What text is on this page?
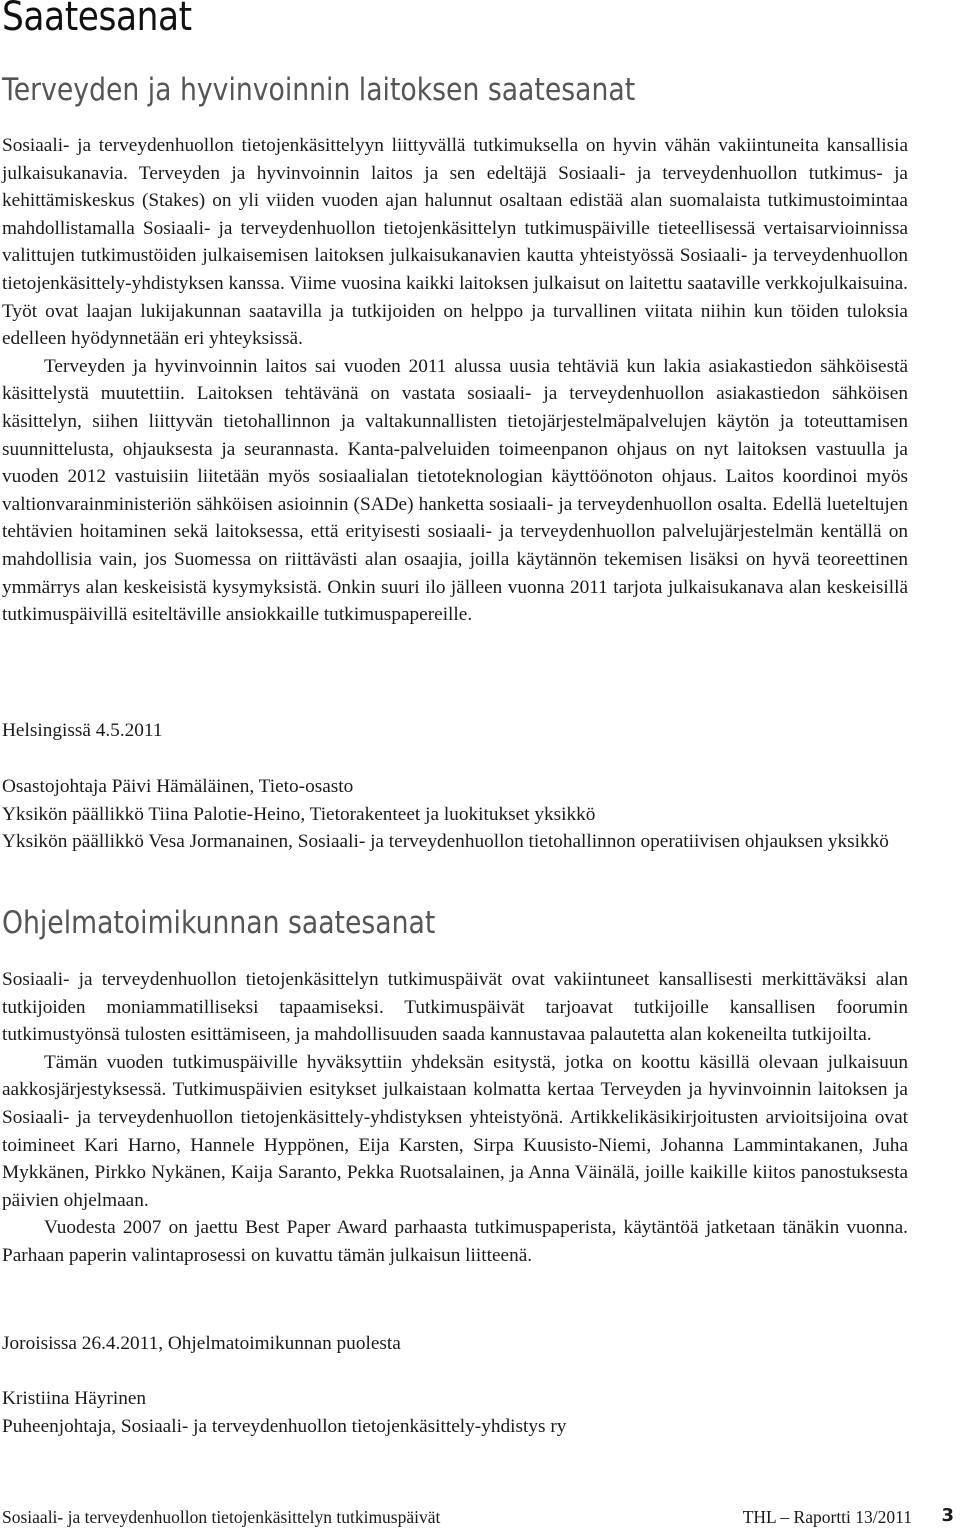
Saatesanat
Terveyden ja hyvinvoinnin laitoksen saatesanat

Sosiaali- ja terveydenhuollon tietojenkäsittelyyn liittyvällä tutkimuksella on hyvin vähän vakiintuneita kansallisia julkaisukanavia. Terveyden ja hyvinvoinnin laitos ja sen edeltäjä Sosiaali- ja terveydenhuollon tutkimus- ja kehittämiskeskus (Stakes) on yli viiden vuoden ajan halunnut osaltaan edistää alan suomalaista tutkimustoimintaa mahdollistamalla Sosiaali- ja terveydenhuollon tietojenkäsittelyn tutkimuspäiville tieteellisessä vertaisarvioinnissa valittujen tutkimustöiden julkaisemisen laitoksen julkaisukanavien kautta yhteistyössä Sosiaali- ja terveydenhuollon tietojenkäsittely-yhdistyksen kanssa. Viime vuosina kaikki laitoksen julkaisut on laitettu saataville verkkojulkaisuina. Työt ovat laajan lukijakunnan saatavilla ja tutkijoiden on helppo ja turvallinen viitata niihin kun töiden tuloksia edelleen hyödynnetään eri yhteyksissä.

Terveyden ja hyvinvoinnin laitos sai vuoden 2011 alussa uusia tehtäviä kun lakia asiakastiedon sähköisestä käsittelystä muutettiin. Laitoksen tehtävänä on vastata sosiaali- ja terveydenhuollon asiakastiedon sähköisen käsittelyn, siihen liittyvän tietohallinnon ja valtakunnallisten tietojärjestelmäpalvelujen käytön ja toteuttamisen suunnittelusta, ohjauksesta ja seurannasta. Kanta-palveluiden toimeenpanon ohjaus on nyt laitoksen vastuulla ja vuoden 2012 vastuisiin liitetään myös sosiaalialan tietoteknologian käyttöönoton ohjaus. Laitos koordinoi myös valtionvarainministeriön sähköisen asioinnin (SADe) hanketta sosiaali- ja terveydenhuollon osalta. Edellä lueteltujen tehtävien hoitaminen sekä laitoksessa, että erityisesti sosiaali- ja terveydenhuollon palvelujärjestelmän kentällä on mahdollisia vain, jos Suomessa on riittävästi alan osaajia, joilla käytännön tekemisen lisäksi on hyvä teoreettinen ymmärrys alan keskeisistä kysymyksistä. Onkin suuri ilo jälleen vuonna 2011 tarjota julkaisukanava alan keskeisillä tutkimuspäivillä esiteltäville ansiokkaille tutkimuspapereille.

Helsingissä 4.5.2011
Osastojohtaja Päivi Hämäläinen, Tieto-osasto
Yksikön päällikkö Tiina Palotie-Heino, Tietorakenteet ja luokitukset yksikkö
Yksikön päällikkö Vesa Jormanainen, Sosiaali- ja terveydenhuollon tietohallinnon operatiivisen ohjauksen yksikkö
Ohjelmatoimikunnan saatesanat

Sosiaali- ja terveydenhuollon tietojenkäsittelyn tutkimuspäivät ovat vakiintuneet kansallisesti merkittäväksi alan tutkijoiden moniammatilliseksi tapaamiseksi. Tutkimuspäivät tarjoavat tutkijoille kansallisen foorumin tutkimustyönsä tulosten esittämiseen, ja mahdollisuuden saada kannustavaa palautetta alan kokeneilta tutkijoilta.

Tämän vuoden tutkimuspäiville hyväksyttiin yhdeksän esitystä, jotka on koottu käsillä olevaan julkaisuun aakkosjärjestyksessä. Tutkimuspäivien esitykset julkaistaan kolmatta kertaa Terveyden ja hyvinvoinnin laitoksen ja Sosiaali- ja terveydenhuollon tietojenkäsittely-yhdistyksen yhteistyönä. Artikkelikäsikirjoitusten arvioitsijoina ovat toimineet Kari Harno, Hannele Hyppönen, Eija Karsten, Sirpa Kuusisto-Niemi, Johanna Lammintakanen, Juha Mykkänen, Pirkko Nykänen, Kaija Saranto, Pekka Ruotsalainen, ja Anna Väinälä, joille kaikille kiitos panostuksesta päivien ohjelmaan.

Vuodesta 2007 on jaettu Best Paper Award parhaasta tutkimuspaperista, käytäntöä jatketaan tänäkin vuonna. Parhaan paperin valintaprosessi on kuvattu tämän julkaisun liitteenä.

Joroisissa 26.4.2011, Ohjelmatoimikunnan puolesta
Kristiina Häyrinen
Puheenjohtaja, Sosiaali- ja terveydenhuollon tietojenkäsittely-yhdistys ry
Sosiaali- ja terveydenhuollon tietojenkäsittelyn tutkimuspäivät	THL – Raportti 13/2011 3
